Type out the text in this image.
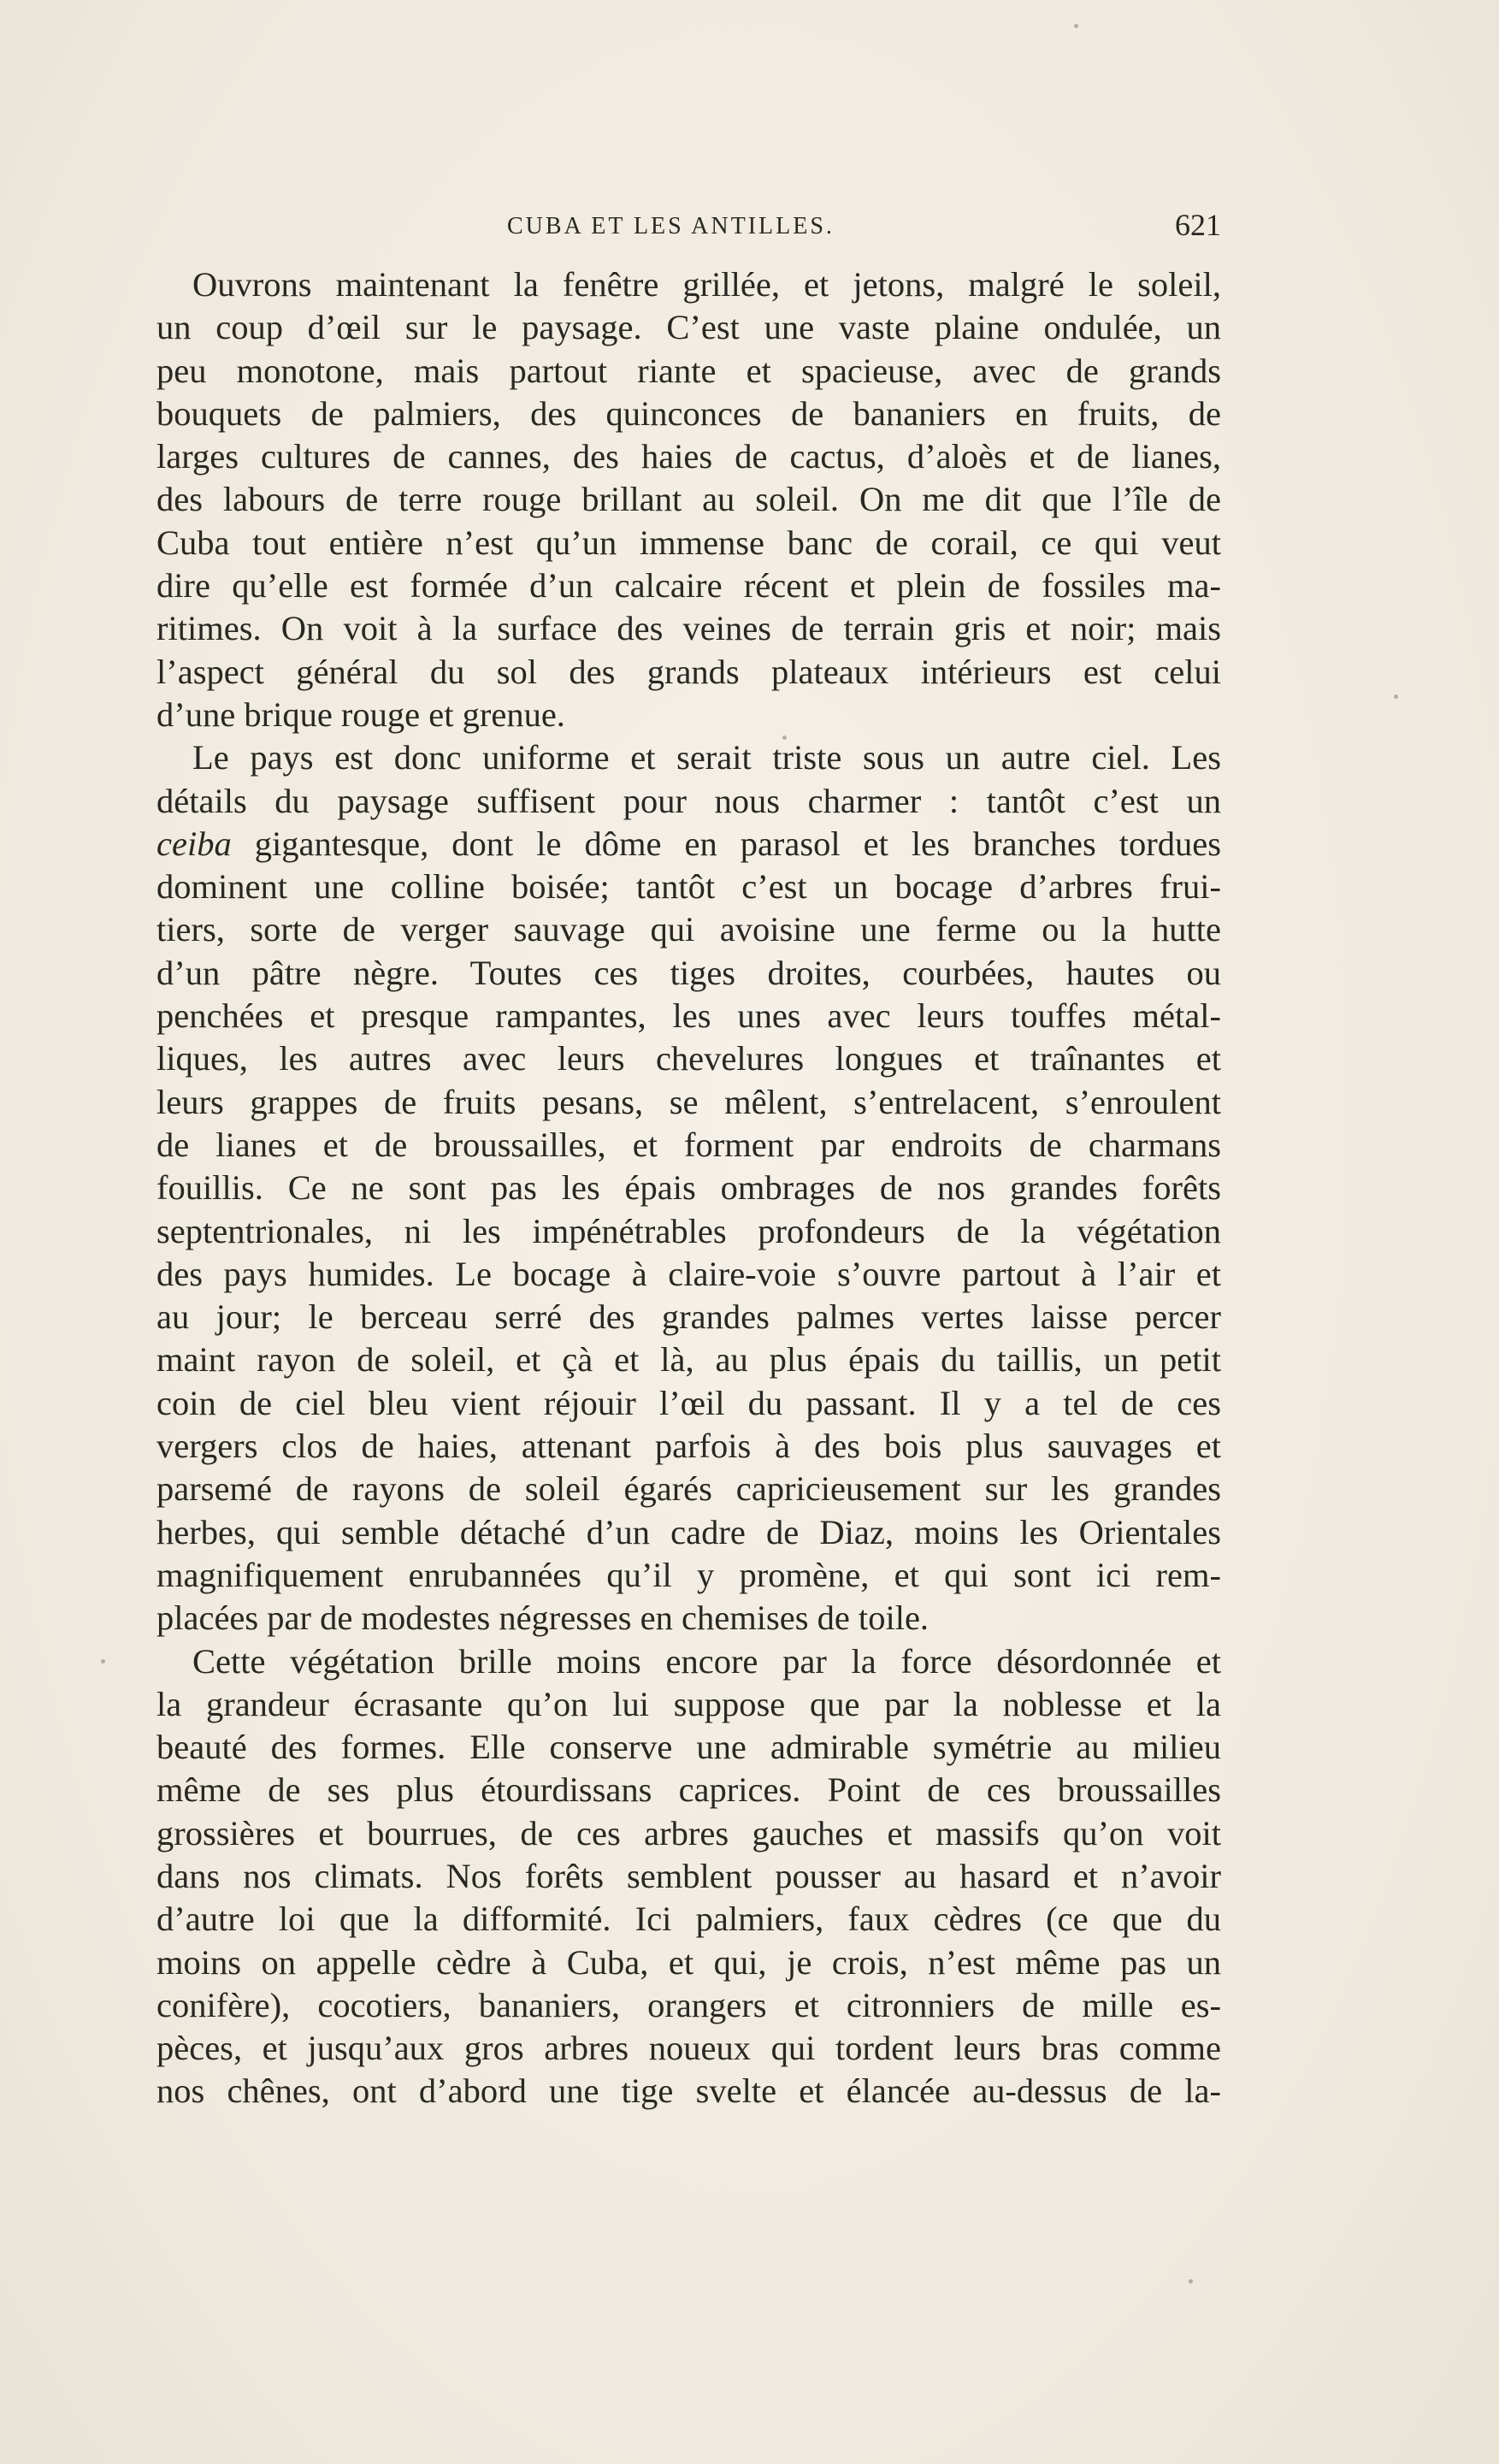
CUBA ET LES ANTILLES.	621

Ouvrons maintenant la fenêtre grillée, et jetons, malgré le soleil,
un coup d’œil sur le paysage. C’est une vaste plaine ondulée, un
peu monotone, mais partout riante et spacieuse, avec de grands
bouquets de palmiers, des quinconces de bananiers en fruits, de
larges cultures de cannes, des haies de cactus, d’aloès et de lianes,
des labours de terre rouge brillant au soleil. On me dit que l’île de
Cuba tout entière n’est qu’un immense banc de corail, ce qui veut
dire qu’elle est formée d’un calcaire récent et plein de fossiles ma-
ritimes. On voit à la surface des veines de terrain gris et noir; mais
l’aspect général du sol des grands plateaux intérieurs est celui
d’une brique rouge et grenue.

Le pays est donc uniforme et serait triste sous un autre ciel. Les
détails du paysage suffisent pour nous charmer : tantôt c’est un
ceiba gigantesque, dont le dôme en parasol et les branches tordues
dominent une colline boisée; tantôt c’est un bocage d’arbres frui-
tiers, sorte de verger sauvage qui avoisine une ferme ou la hutte
d’un pâtre nègre. Toutes ces tiges droites, courbées, hautes ou
penchées et presque rampantes, les unes avec leurs touffes métal-
liques, les autres avec leurs chevelures longues et traînantes et
leurs grappes de fruits pesans, se mêlent, s’entrelacent, s’enroulent
de lianes et de broussailles, et forment par endroits de charmans
fouillis. Ce ne sont pas les épais ombrages de nos grandes forêts
septentrionales, ni les impénétrables profondeurs de la végétation
des pays humides. Le bocage à claire-voie s’ouvre partout à l’air et
au jour; le berceau serré des grandes palmes vertes laisse percer
maint rayon de soleil, et çà et là, au plus épais du taillis, un petit
coin de ciel bleu vient réjouir l’œil du passant. Il y a tel de ces
vergers clos de haies, attenant parfois à des bois plus sauvages et
parsemé de rayons de soleil égarés capricieusement sur les grandes
herbes, qui semble détaché d’un cadre de Diaz, moins les Orientales
magnifiquement enrubannées qu’il y promène, et qui sont ici rem-
placées par de modestes négresses en chemises de toile.

Cette végétation brille moins encore par la force désordonnée et
la grandeur écrasante qu’on lui suppose que par la noblesse et la
beauté des formes. Elle conserve une admirable symétrie au milieu
même de ses plus étourdissans caprices. Point de ces broussailles
grossières et bourrues, de ces arbres gauches et massifs qu’on voit
dans nos climats. Nos forêts semblent pousser au hasard et n’avoir
d’autre loi que la difformité. Ici palmiers, faux cèdres (ce que du
moins on appelle cèdre à Cuba, et qui, je crois, n’est même pas un
conifère), cocotiers, bananiers, orangers et citronniers de mille es-
pèces, et jusqu’aux gros arbres noueux qui tordent leurs bras comme
nos chênes, ont d’abord une tige svelte et élancée au-dessus de la-
